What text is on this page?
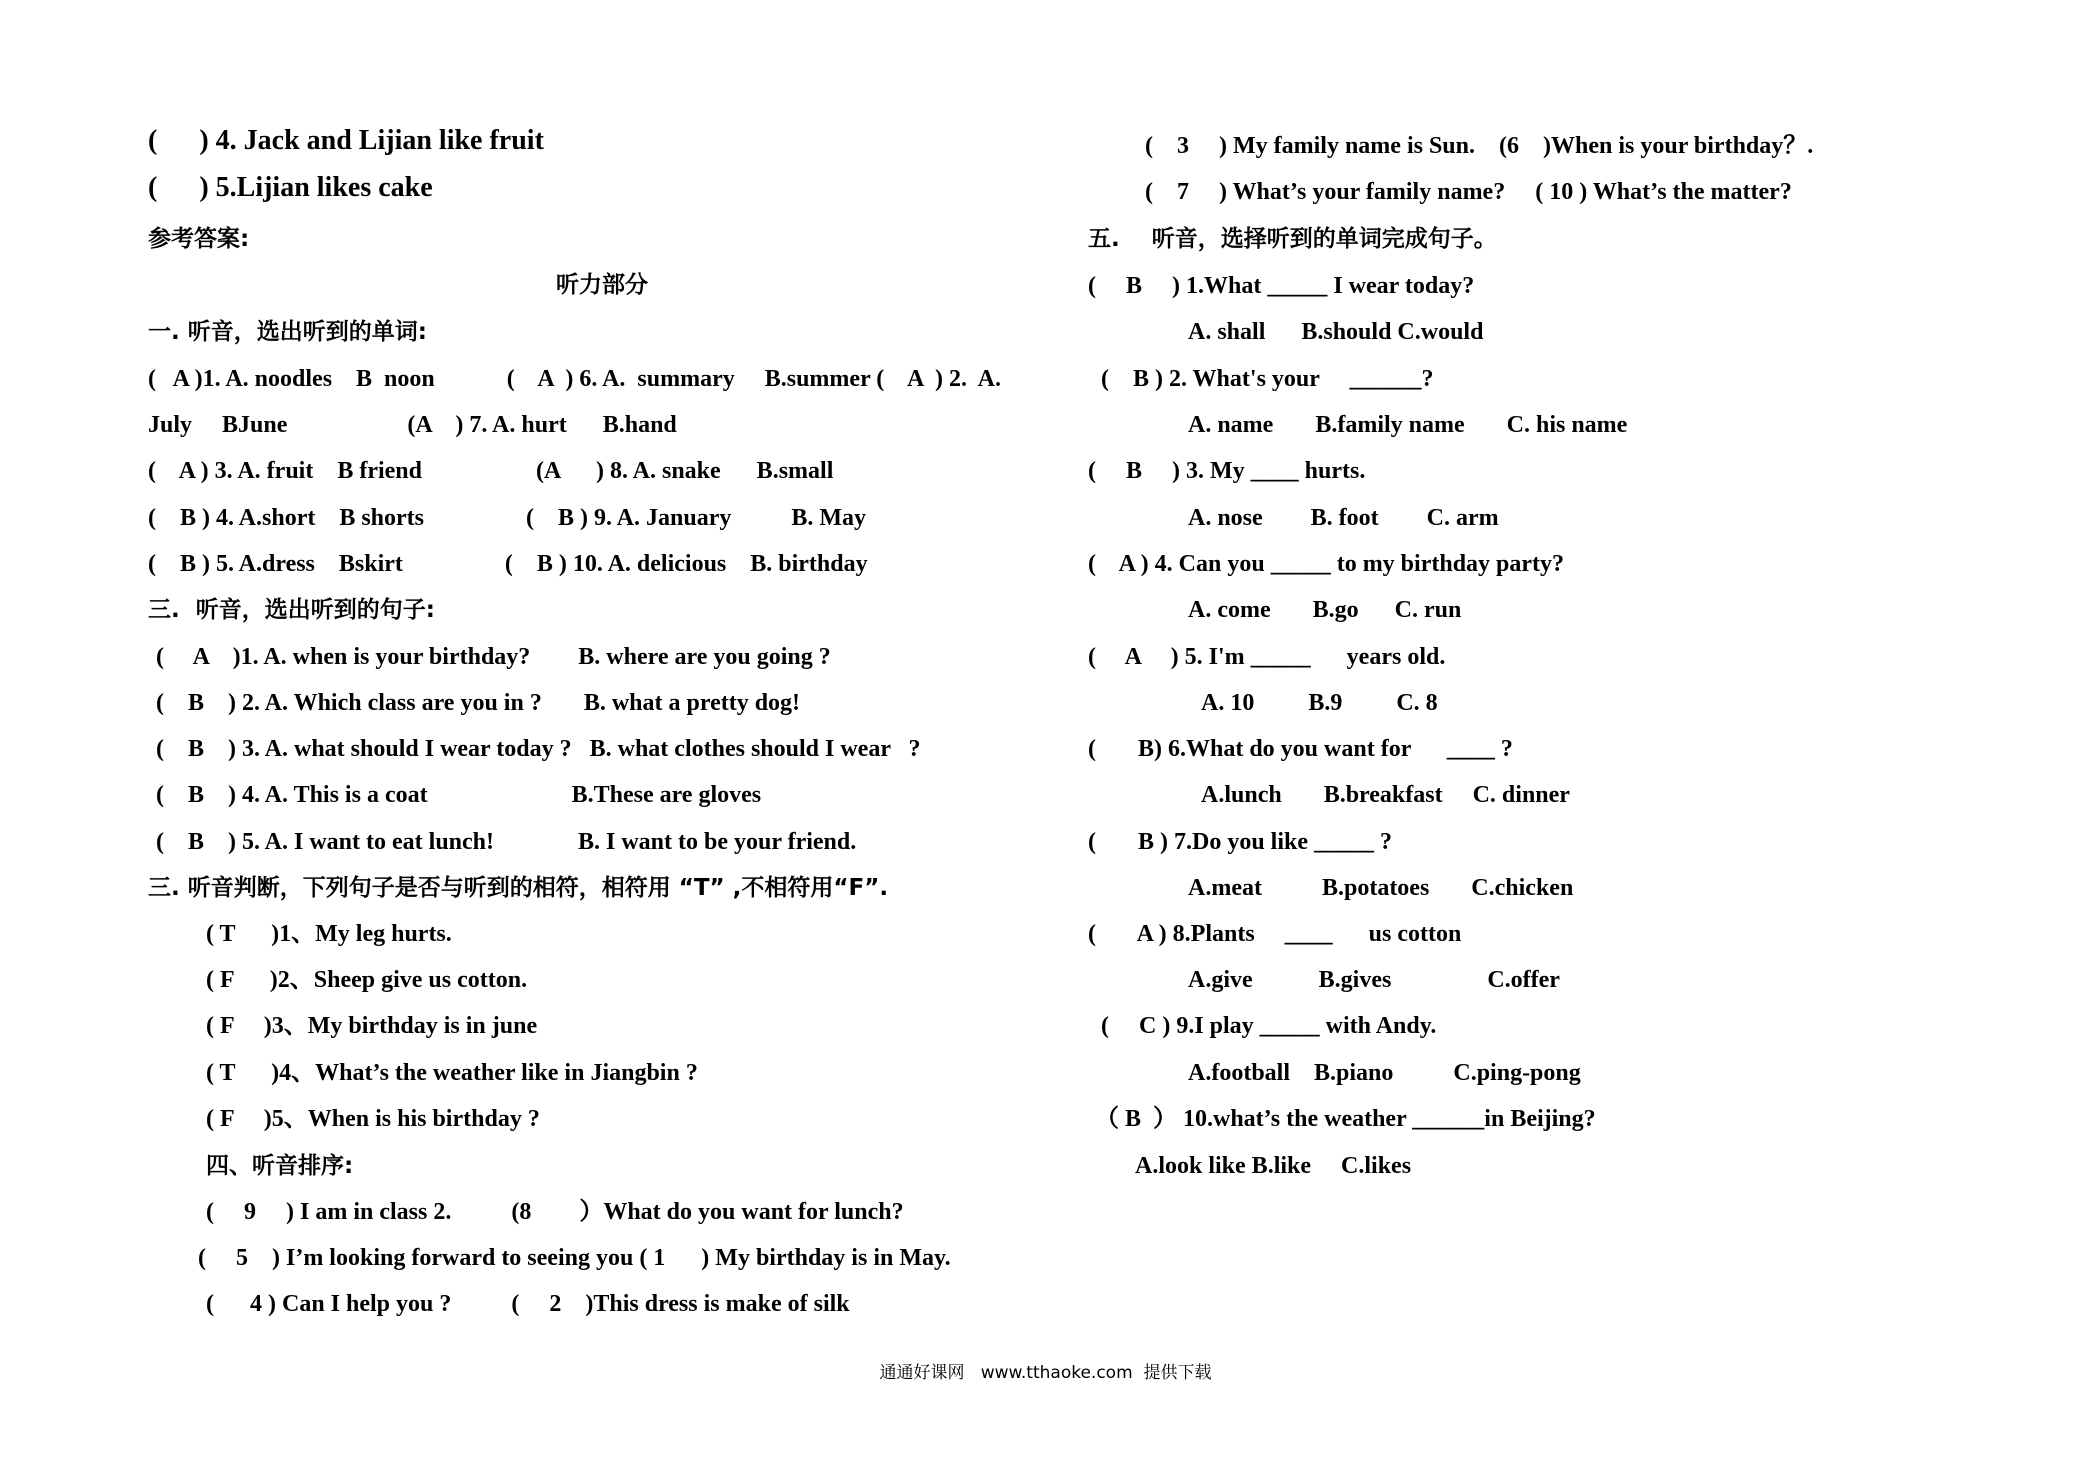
(      ) 4. Jack and Lijian like fruit
(      ) 5.Lijian likes cake
参考答案:
听力部分
一. 听音，选出听到的单词:
(   A )1. A. noodles    B  noon            (    A  ) 6. A.  summary     B.summer (    A  ) 2.  A.
July     BJune                    (A    ) 7. A. hurt      B.hand
(    A ) 3. A. fruit    B friend                   (A      ) 8. A. snake      B.small
(    B ) 4. A.short    B shorts                 (    B ) 9. A. January          B. May
(    B ) 5. A.dress    Bskirt                 (    B ) 10. A. delicious    B. birthday
三.  听音，选出听到的句子:
(     A    )1. A. when is your birthday?        B. where are you going ?
(    B    ) 2. A. Which class are you in ?       B. what a pretty dog!
(    B    ) 3. A. what should I wear today ?   B. what clothes should I wear   ?
(    B    ) 4. A. This is a coat                        B.These are gloves
(    B    ) 5. A. I want to eat lunch!              B. I want to be your friend.
三. 听音判断，下列句子是否与听到的相符，相符用 “T” ,不相符用“F”.
( T      )1、My leg hurts.
( F      )2、Sheep give us cotton.
( F     )3、My birthday is in june
( T      )4、What’s the weather like in Jiangbin ?
( F     )5、When is his birthday ?
四、听音排序:
(     9     ) I am in class 2.          (8        ）What do you want for lunch?
(     5    ) I’m looking forward to seeing you ( 1      ) My birthday is in May.
(      4 ) Can I help you ?          (     2    )This dress is make of silk
(    3     ) My family name is Sun.    (6    )When is your birthday？.
(    7     ) What’s your family name?     ( 10 ) What’s the matter?
五.    听音，选择听到的单词完成句子。
(     B     ) 1.What _____ I wear today?
A. shall      B.should C.would
(    B ) 2. What's your     ______?
A. name       B.family name       C. his name
(     B     ) 3. My ____ hurts.
A. nose        B. foot        C. arm
(    A ) 4. Can you _____ to my birthday party?
A. come       B.go      C. run
(     A     ) 5. I'm _____      years old.
A. 10         B.9         C. 8
(       B) 6.What do you want for      ____ ?
A.lunch       B.breakfast     C. dinner
(       B ) 7.Do you like _____ ?
A.meat          B.potatoes       C.chicken
(       A ) 8.Plants     ____      us cotton
A.give           B.gives                C.offer
(     C ) 9.I play _____ with Andy.
A.football    B.piano          C.ping-pong
（ B  ） 10.what’s the weather ______in Beijing?
A.look like B.like     C.likes
通通好课网   www.tthaoke.com  提供下载
